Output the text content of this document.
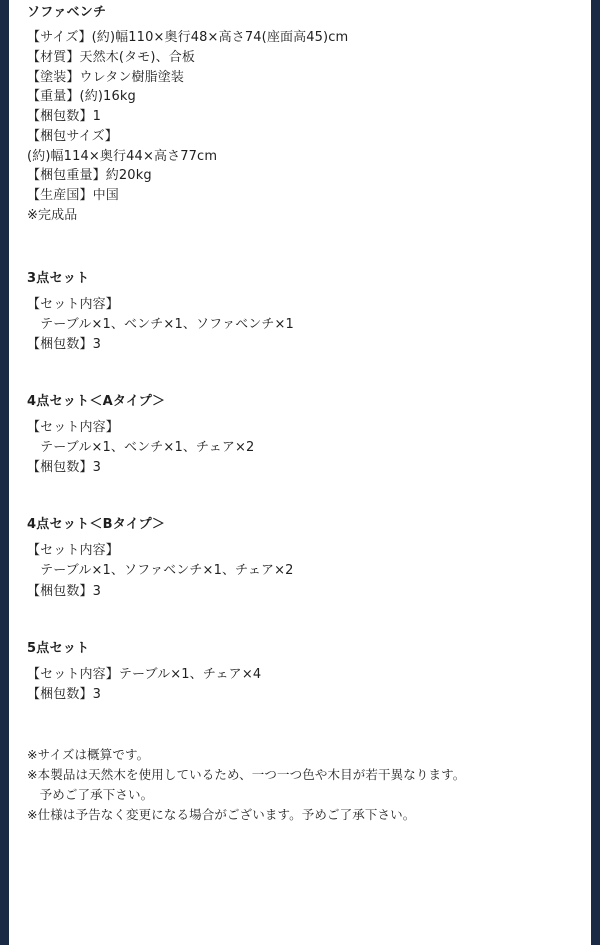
ソファベンチ
【サイズ】(約)幅110×奥行48×高さ74(座面高45)cm
【材質】天然木(タモ)、合板
【塗装】ウレタン樹脂塗装
【重量】(約)16kg
【梱包数】1
【梱包サイズ】
(約)幅114×奥行44×高さ77cm
【梱包重量】約20kg
【生産国】中国
※完成品
3点セット
【セット内容】
　テーブル×1、ベンチ×1、ソファベンチ×1
【梱包数】3
4点セット＜Aタイプ＞
【セット内容】
　テーブル×1、ベンチ×1、チェア×2
【梱包数】3
4点セット＜Bタイプ＞
【セット内容】
　テーブル×1、ソファベンチ×1、チェア×2
【梱包数】3
5点セット
【セット内容】テーブル×1、チェア×4
【梱包数】3
※サイズは概算です。
※本製品は天然木を使用しているため、一つ一つ色や木目が若干異なります。
　予めご了承下さい。
※仕様は予告なく変更になる場合がございます。予めご了承下さい。
